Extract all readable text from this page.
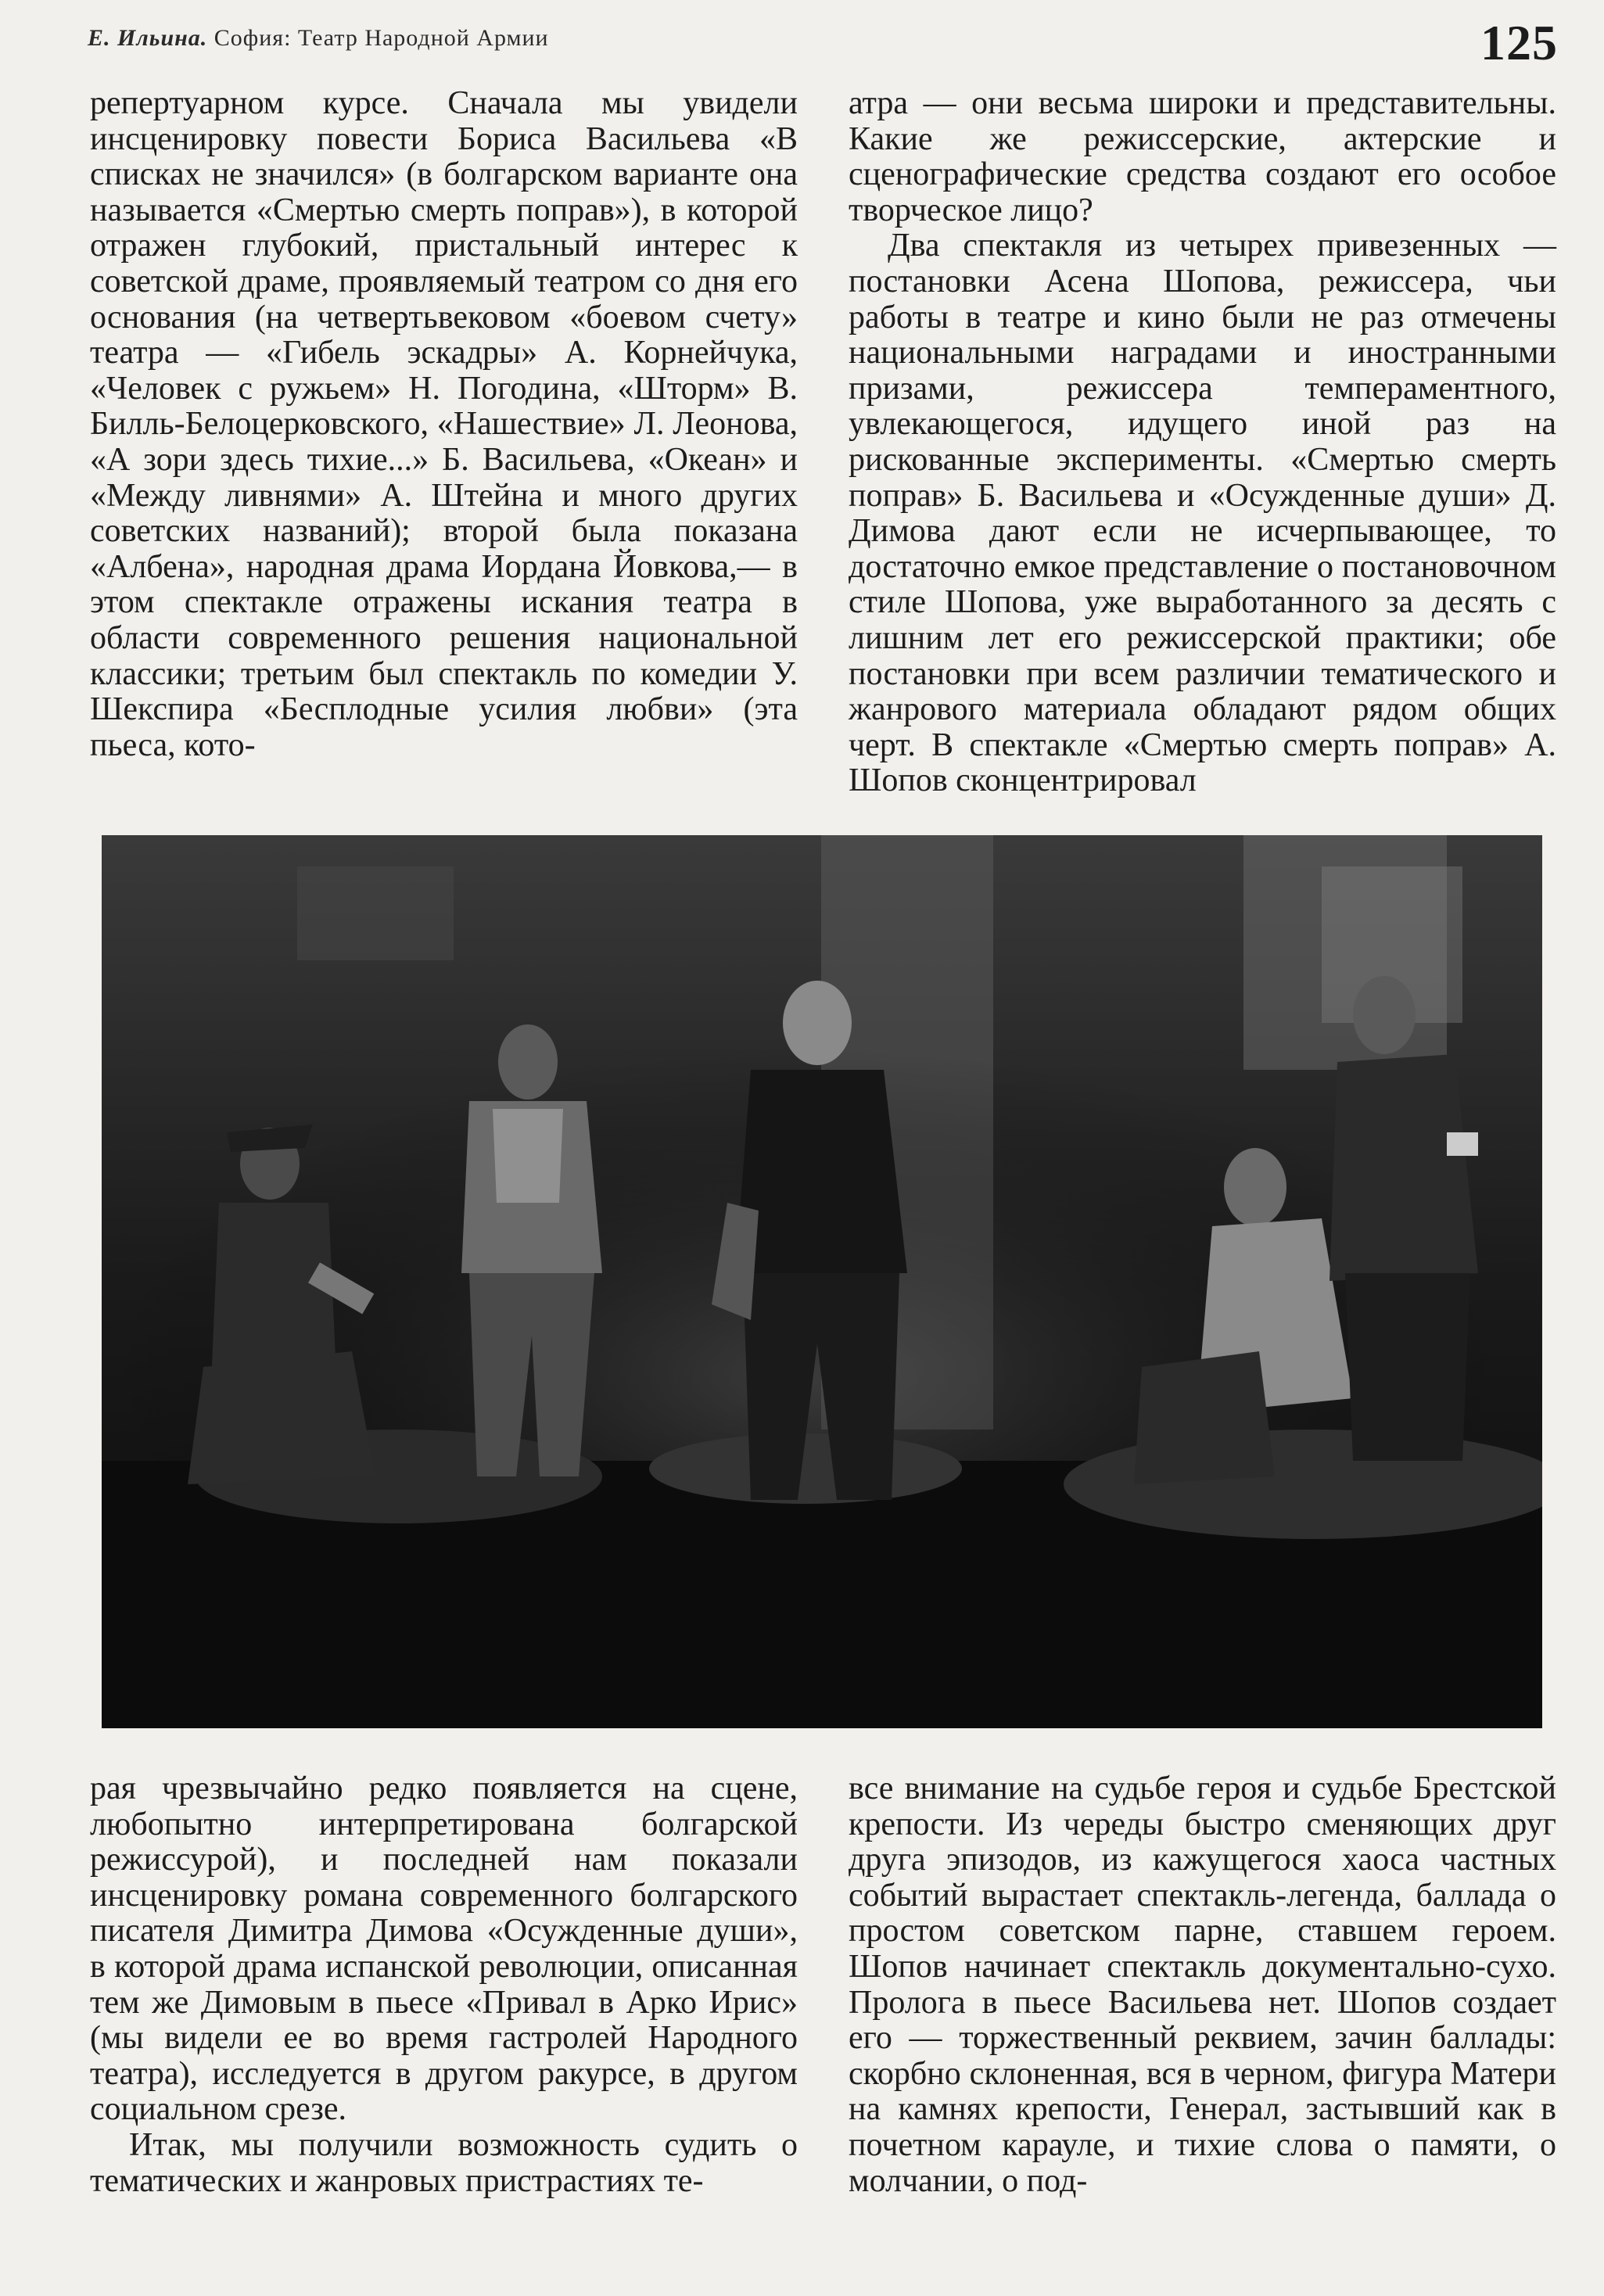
Е. Ильина. София: Театр Народной Армии	125

репертуарном курсе. Сначала мы увидели инсценировку повести Бориса Васильева «В списках не значился» (в болгарском варианте она называется «Смертью смерть поправ»), в которой отражен глубокий, пристальный интерес к советской драме, проявляемый театром со дня его основания (на четвертьвековом «боевом счету» театра — «Гибель эскадры» А. Корнейчука, «Человек с ружьем» Н. Погодина, «Шторм» В. Билль-Белоцерковского, «Нашествие» Л. Леонова, «А зори здесь тихие...» Б. Васильева, «Океан» и «Между ливнями» А. Штейна и много других советских названий); второй была показана «Албена», народная драма Иордана Йовкова,— в этом спектакле отражены искания театра в области современного решения национальной классики; третьим был спектакль по комедии У. Шекспира «Бесплодные усилия любви» (эта пьеса, кото-

атра — они весьма широки и представительны. Какие же режиссерские, актерские и сценографические средства создают его особое творческое лицо?

Два спектакля из четырех привезенных — постановки Асена Шопова, режиссера, чьи работы в театре и кино были не раз отмечены национальными наградами и иностранными призами, режиссера темпераментного, увлекающегося, идущего иной раз на рискованные эксперименты. «Смертью смерть поправ» Б. Васильева и «Осужденные души» Д. Димова дают если не исчерпывающее, то достаточно емкое представление о постановочном стиле Шопова, уже выработанного за десять с лишним лет его режиссерской практики; обе постановки при всем различии тематического и жанрового материала обладают рядом общих черт. В спектакле «Смертью смерть поправ» А. Шопов сконцентрировал

рая чрезвычайно редко появляется на сцене, любопытно интерпретирована болгарской режиссурой), и последней нам показали инсценировку романа современного болгарского писателя Димитра Димова «Осужденные души», в которой драма испанской революции, описанная тем же Димовым в пьесе «Привал в Арко Ирис» (мы видели ее во время гастролей Народного театра), исследуется в другом ракурсе, в другом социальном срезе.

Итак, мы получили возможность судить о тематических и жанровых пристрастиях те-

все внимание на судьбе героя и судьбе Брестской крепости. Из череды быстро сменяющих друг друга эпизодов, из кажущегося хаоса частных событий вырастает спектакль-легенда, баллада о простом советском парне, ставшем героем. Шопов начинает спектакль документально-сухо. Пролога в пьесе Васильева нет. Шопов создает его — торжественный реквием, зачин баллады: скорбно склоненная, вся в черном, фигура Матери на камнях крепости, Генерал, застывший как в почетном карауле, и тихие слова о памяти, о молчании, о под-
